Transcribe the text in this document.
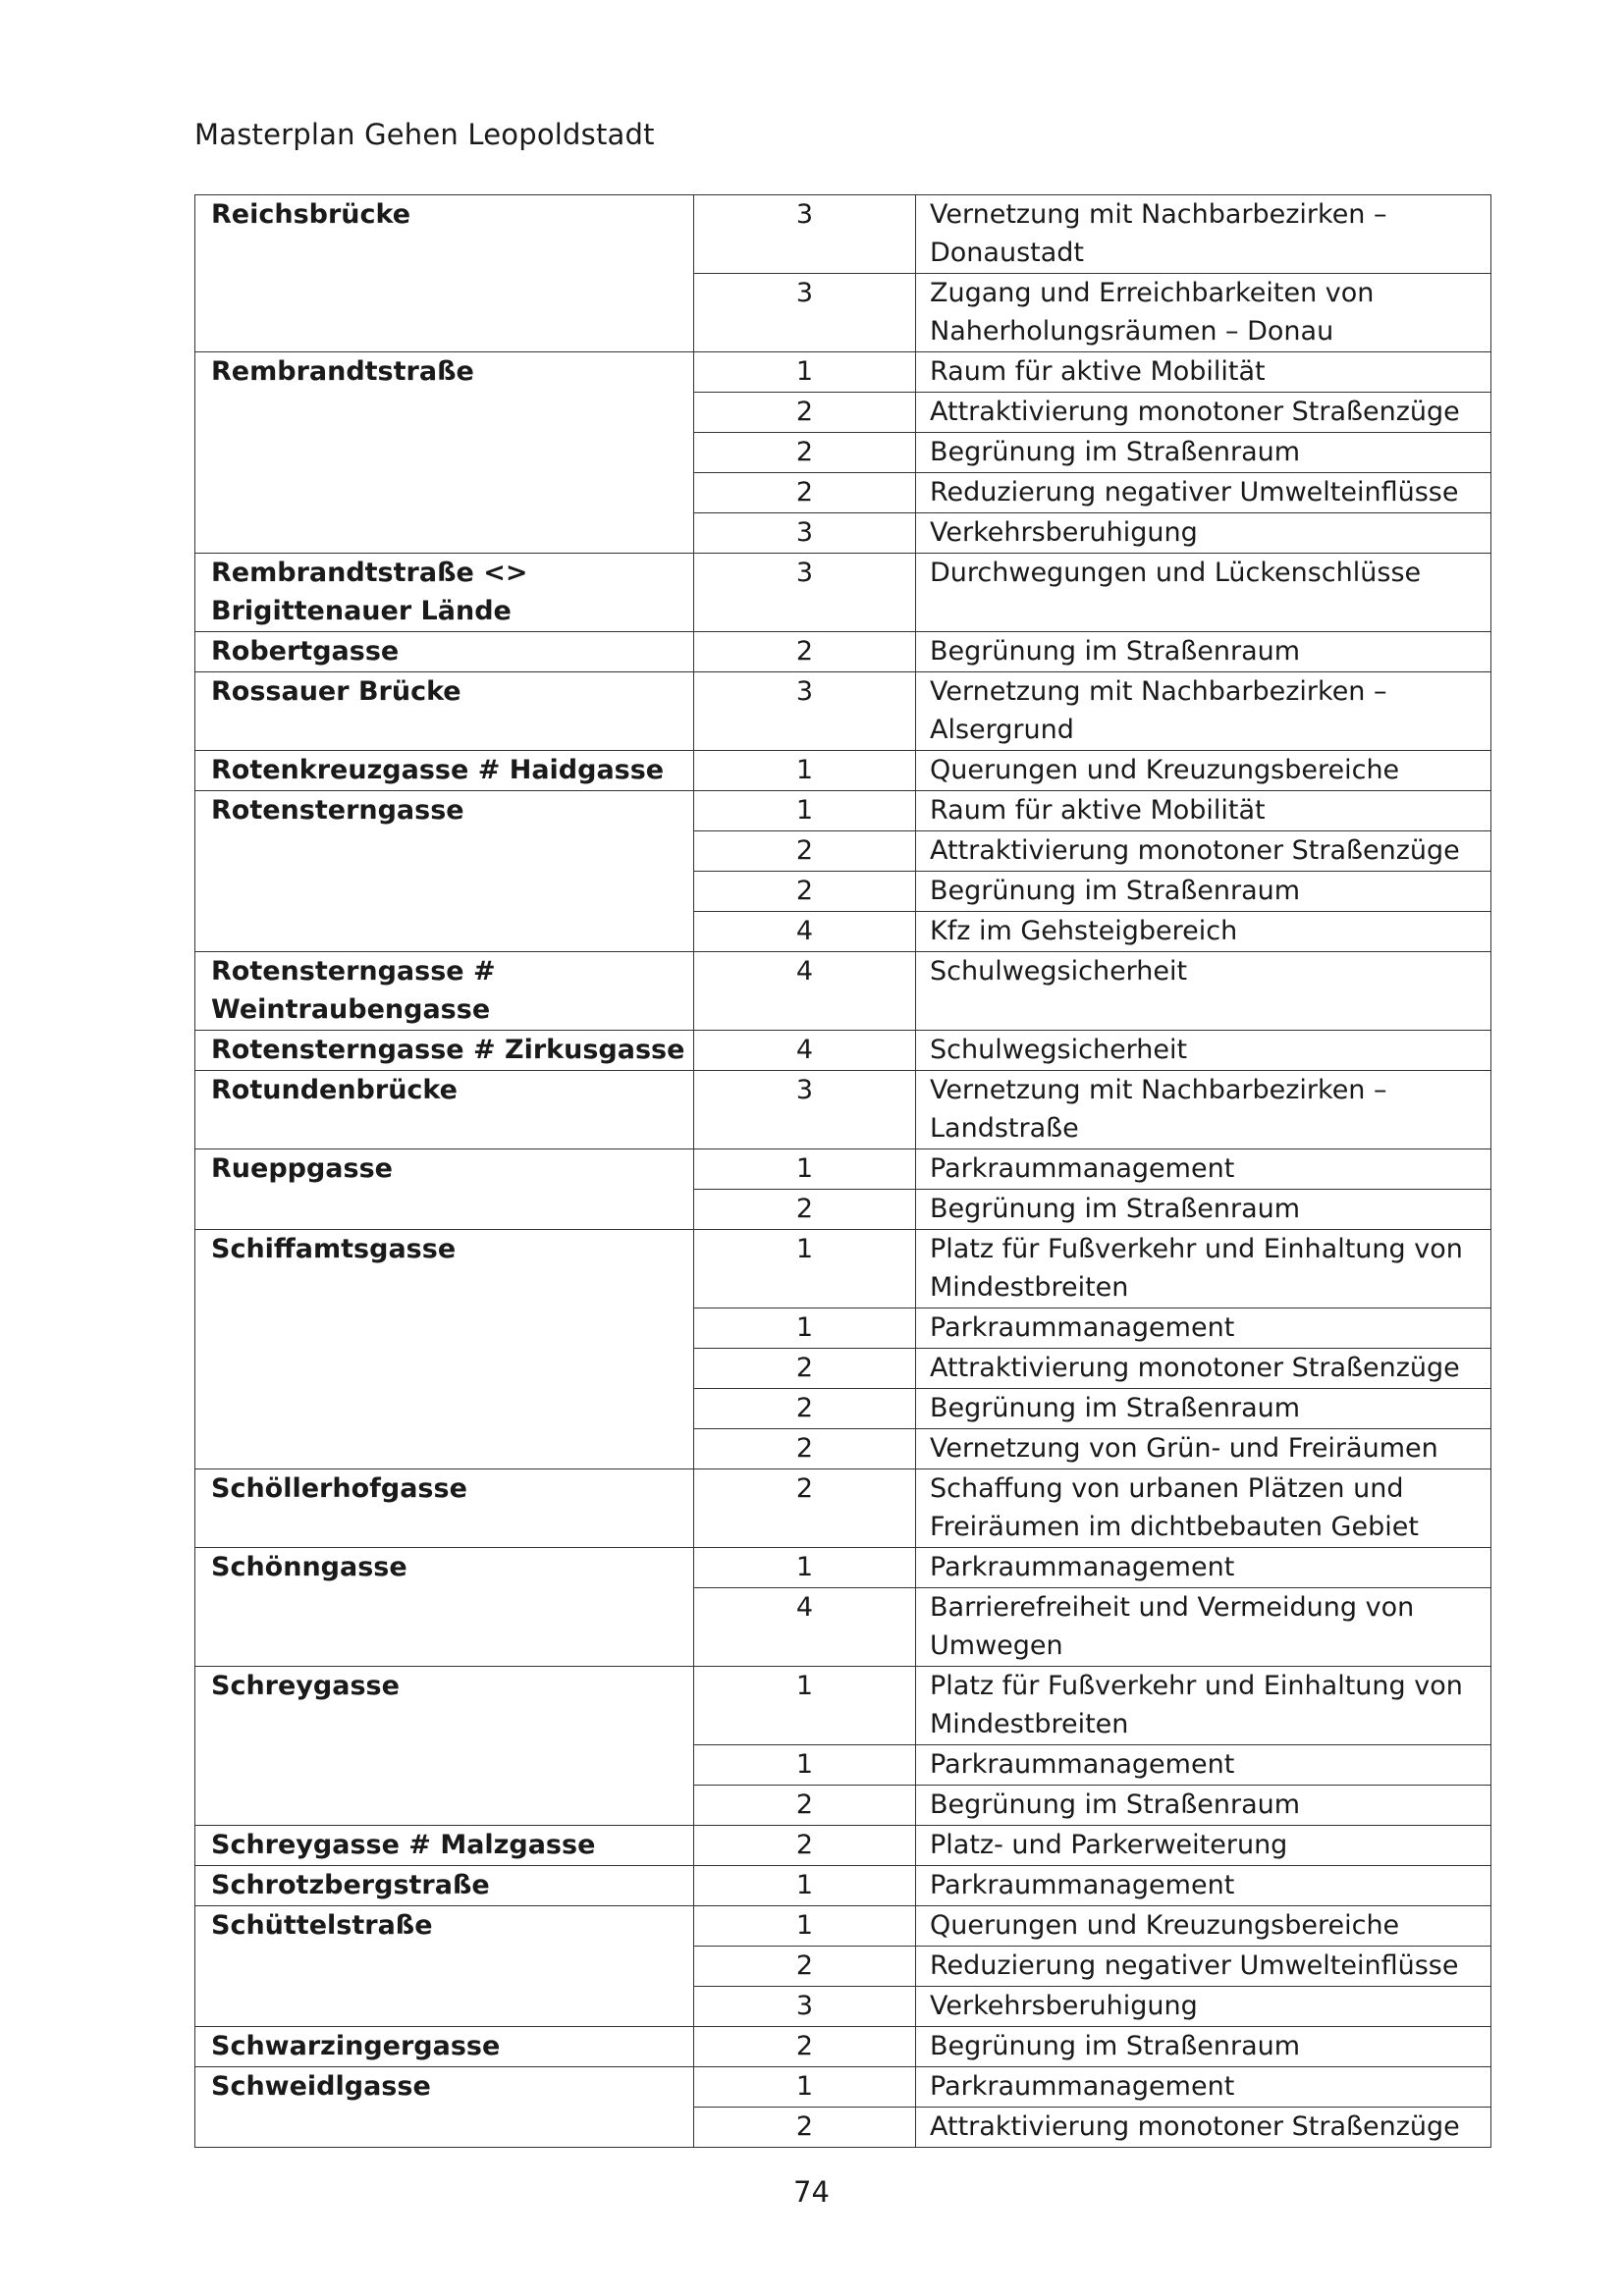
Masterplan Gehen Leopoldstadt
Reichsbrücke	3	Vernetzung mit Nachbarbezirken – Donaustadt
	3	Zugang und Erreichbarkeiten von Naherholungsräumen – Donau
Rembrandtstraße	1	Raum für aktive Mobilität
	2	Attraktivierung monotoner Straßenzüge
	2	Begrünung im Straßenraum
	2	Reduzierung negativer Umwelteinflüsse
	3	Verkehrsberuhigung
Rembrandtstraße <> Brigittenauer Lände	3	Durchwegungen und Lückenschlüsse
Robertgasse	2	Begrünung im Straßenraum
Rossauer Brücke	3	Vernetzung mit Nachbarbezirken – Alsergrund
Rotenkreuzgasse # Haidgasse	1	Querungen und Kreuzungsbereiche
Rotensterngasse	1	Raum für aktive Mobilität
	2	Attraktivierung monotoner Straßenzüge
	2	Begrünung im Straßenraum
	4	Kfz im Gehsteigbereich
Rotensterngasse # Weintraubengasse	4	Schulwegsicherheit
Rotensterngasse # Zirkusgasse	4	Schulwegsicherheit
Rotundenbrücke	3	Vernetzung mit Nachbarbezirken – Landstraße
Rueppgasse	1	Parkraummanagement
	2	Begrünung im Straßenraum
Schiffamtsgasse	1	Platz für Fußverkehr und Einhaltung von Mindestbreiten
	1	Parkraummanagement
	2	Attraktivierung monotoner Straßenzüge
	2	Begrünung im Straßenraum
	2	Vernetzung von Grün- und Freiräumen
Schöllerhofgasse	2	Schaffung von urbanen Plätzen und Freiräumen im dichtbebauten Gebiet
Schönngasse	1	Parkraummanagement
	4	Barrierefreiheit und Vermeidung von Umwegen
Schreygasse	1	Platz für Fußverkehr und Einhaltung von Mindestbreiten
	1	Parkraummanagement
	2	Begrünung im Straßenraum
Schreygasse # Malzgasse	2	Platz- und Parkerweiterung
Schrotzbergstraße	1	Parkraummanagement
Schüttelstraße	1	Querungen und Kreuzungsbereiche
	2	Reduzierung negativer Umwelteinflüsse
	3	Verkehrsberuhigung
Schwarzingergasse	2	Begrünung im Straßenraum
Schweidlgasse	1	Parkraummanagement
	2	Attraktivierung monotoner Straßenzüge
74
